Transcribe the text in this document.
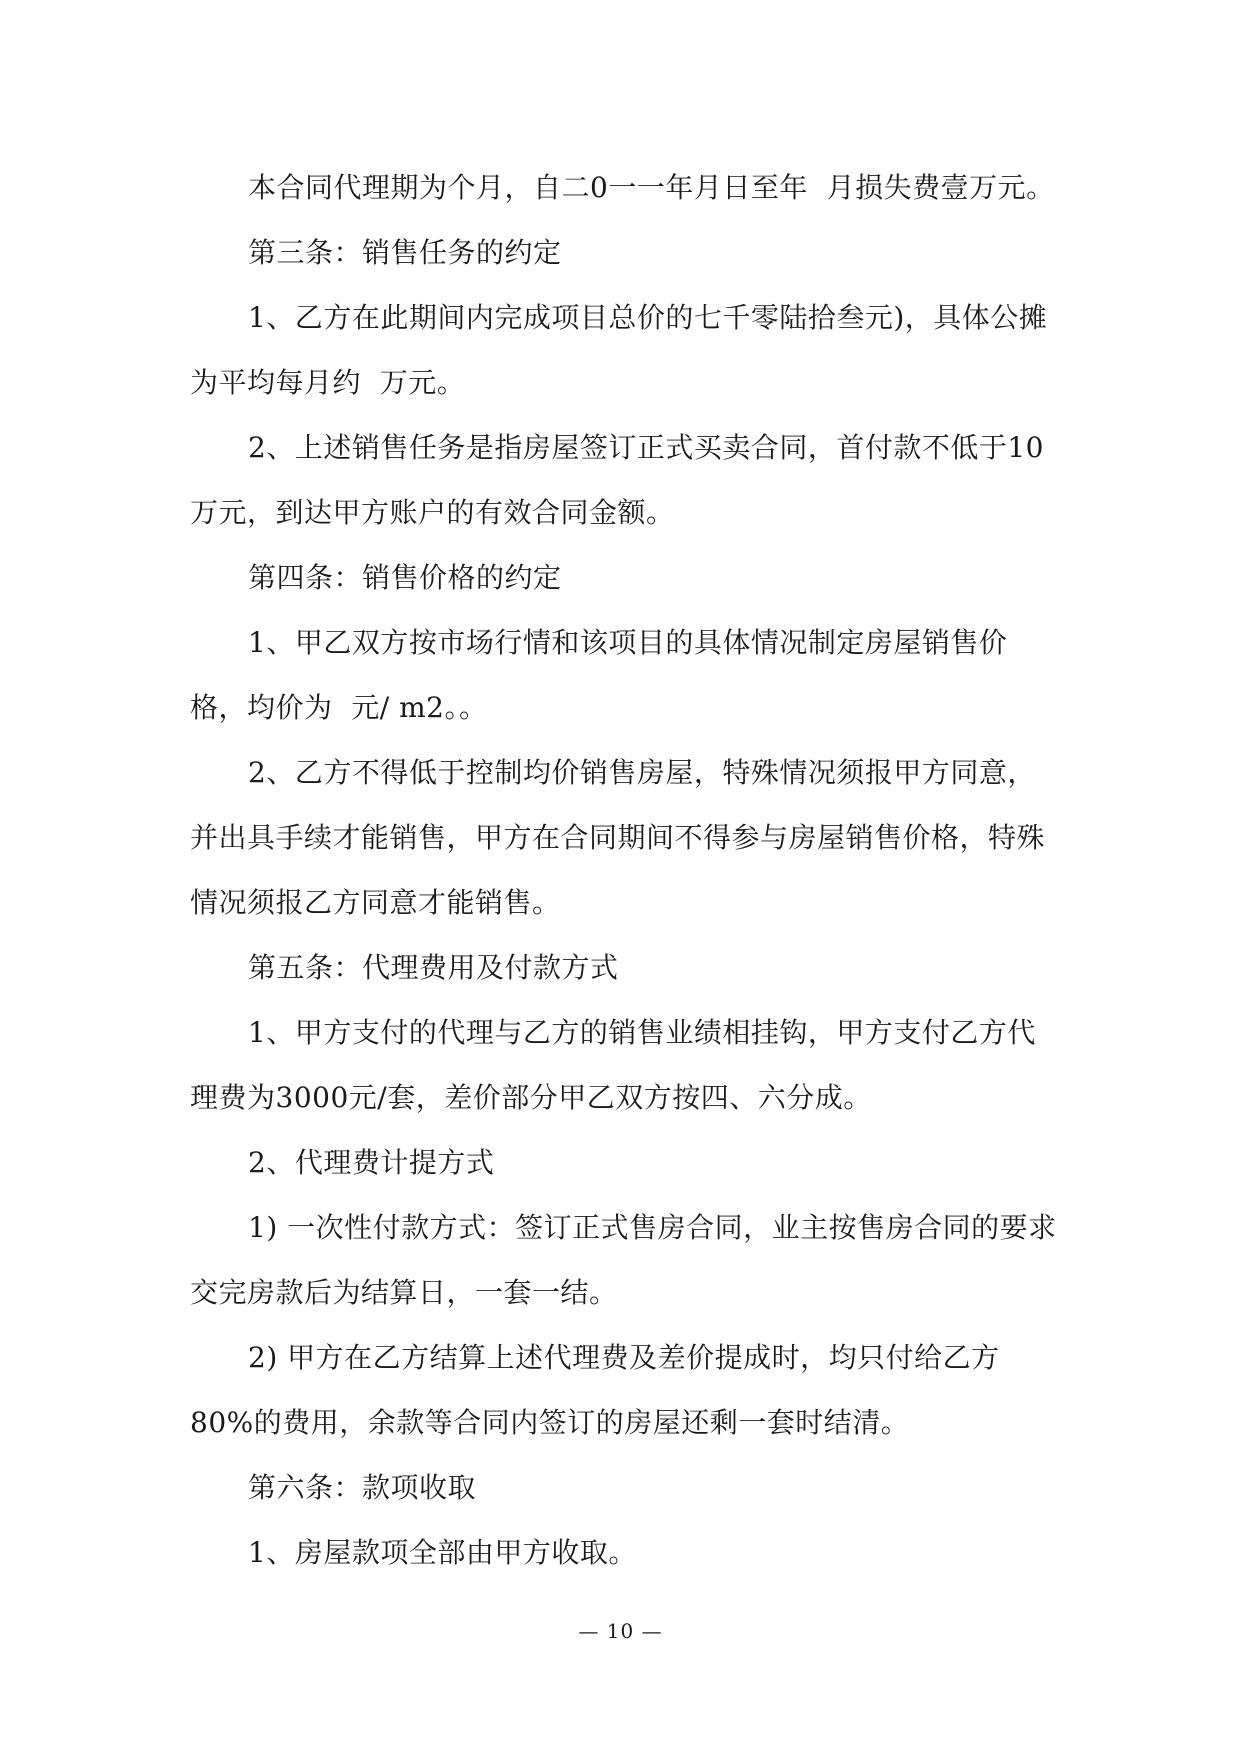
本合同代理期为个月，自二0一一年月日至年  月损失费壹万元。

第三条：销售任务的约定

1、乙方在此期间内完成项目总价的七千零陆拾叁元)，具体公摊为平均每月约  万元。

2、上述销售任务是指房屋签订正式买卖合同，首付款不低于10万元，到达甲方账户的有效合同金额。

第四条：销售价格的约定

1、甲乙双方按市场行情和该项目的具体情况制定房屋销售价格，均价为  元/ m2。。

2、乙方不得低于控制均价销售房屋，特殊情况须报甲方同意，并出具手续才能销售，甲方在合同期间不得参与房屋销售价格，特殊情况须报乙方同意才能销售。

第五条：代理费用及付款方式

1、甲方支付的代理与乙方的销售业绩相挂钩，甲方支付乙方代理费为3000元/套，差价部分甲乙双方按四、六分成。

2、代理费计提方式

1) 一次性付款方式：签订正式售房合同，业主按售房合同的要求交完房款后为结算日，一套一结。

2) 甲方在乙方结算上述代理费及差价提成时，均只付给乙方80%的费用，余款等合同内签订的房屋还剩一套时结清。

第六条：款项收取

1、房屋款项全部由甲方收取。

— 10 —
